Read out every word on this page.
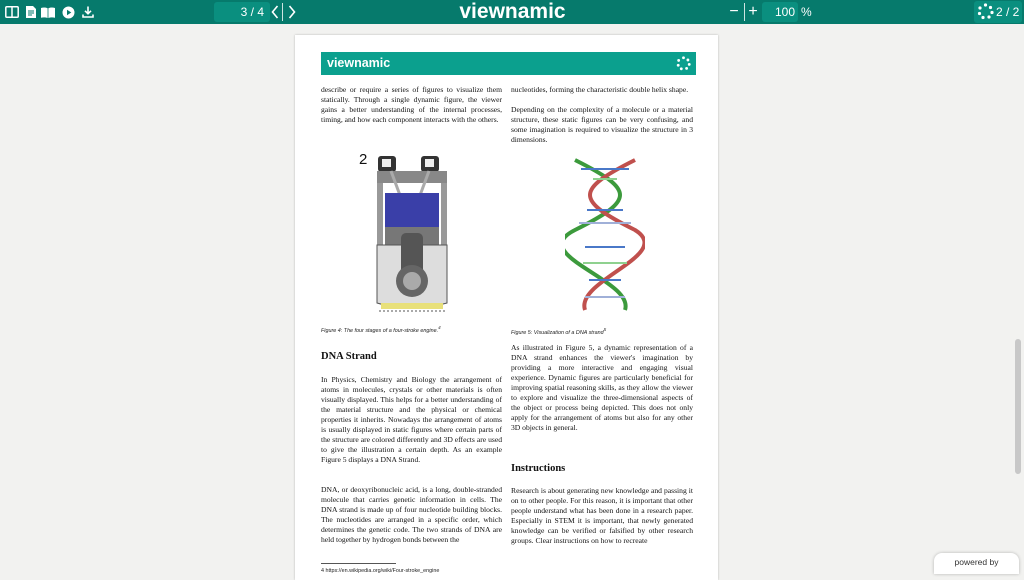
3 / 4	viewnamic	− +	100 %	2 / 2
viewnamic
describe or require a series of figures to visualize them statically. Through a single dynamic figure, the viewer gains a better understanding of the internal processes, timing, and how each component interacts with the others.
2
Figure 4: The four stages of a four-stroke engine.$^4$
DNA Strand
In Physics, Chemistry and Biology the arrangement of atoms in molecules, crystals or other materials is often visually displayed. This helps for a better understanding of the material structure and the physical or chemical properties it inherits. Nowadays the arrangement of atoms is usually displayed in static figures where certain parts of the structure are colored differently and 3D effects are used to give the illustration a certain depth. As an example Figure 5 displays a DNA Strand.
DNA, or deoxyribonucleic acid, is a long, double-stranded molecule that carries genetic information in cells. The DNA strand is made up of four nucleotide building blocks. The nucleotides are arranged in a specific order, which determines the genetic code. The two strands of DNA are held together by hydrogen bonds between the
4 https://en.wikipedia.org/wiki/Four-stroke_engine
nucleotides, forming the characteristic double helix shape.
Depending on the complexity of a molecule or a material structure, these static figures can be very confusing, and some imagination is required to visualize the structure in 3 dimensions.
Figure 5: Visualization of a DNA strand$^5$
As illustrated in Figure 5, a dynamic representation of a DNA strand enhances the viewer's imagination by providing a more interactive and engaging visual experience. Dynamic figures are particularly beneficial for improving spatial reasoning skills, as they allow the viewer to explore and visualize the three-dimensional aspects of the object or process being depicted. This does not only apply for the arrangement of atoms but also for any other 3D objects in general.
Instructions
Research is about generating new knowledge and passing it on to other people. For this reason, it is important that other people understand what has been done in a research paper. Especially in STEM it is important, that newly generated knowledge can be verified or falsified by other research groups. Clear instructions on how to recreate
powered by
